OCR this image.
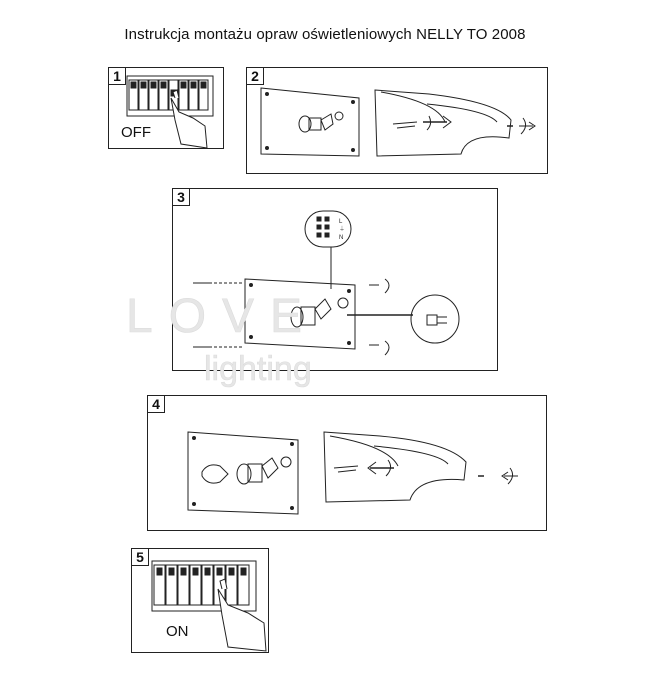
Instrukcja montażu opraw oświetleniowych NELLY TO 2008
1
OFF
2
3
L
⏚
N
LOVE
lighting
4
5
ON
